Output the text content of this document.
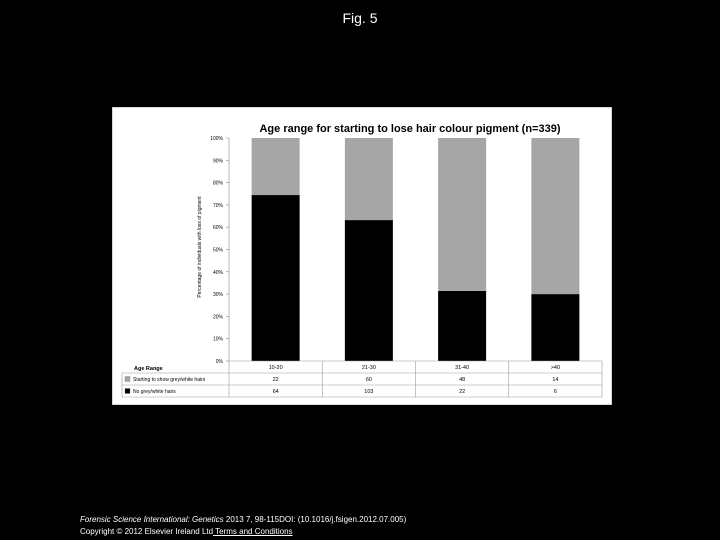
Fig. 5
Age range for starting to lose hair colour pigment (n=339)
Percentage of individuals with loss of pigment
0%
10%
20%
30%
40%
50%
60%
70%
80%
90%
100%
Age Range	10-20	21-30	31-40	>40
Starting to show grey/white hairs	22	60	48	14
No grey/white hairs	64	103	22	6
Forensic Science International: Genetics 2013 7, 98-115DOI: (10.1016/j.fsigen.2012.07.005)
Copyright © 2012 Elsevier Ireland Ltd Terms and Conditions
